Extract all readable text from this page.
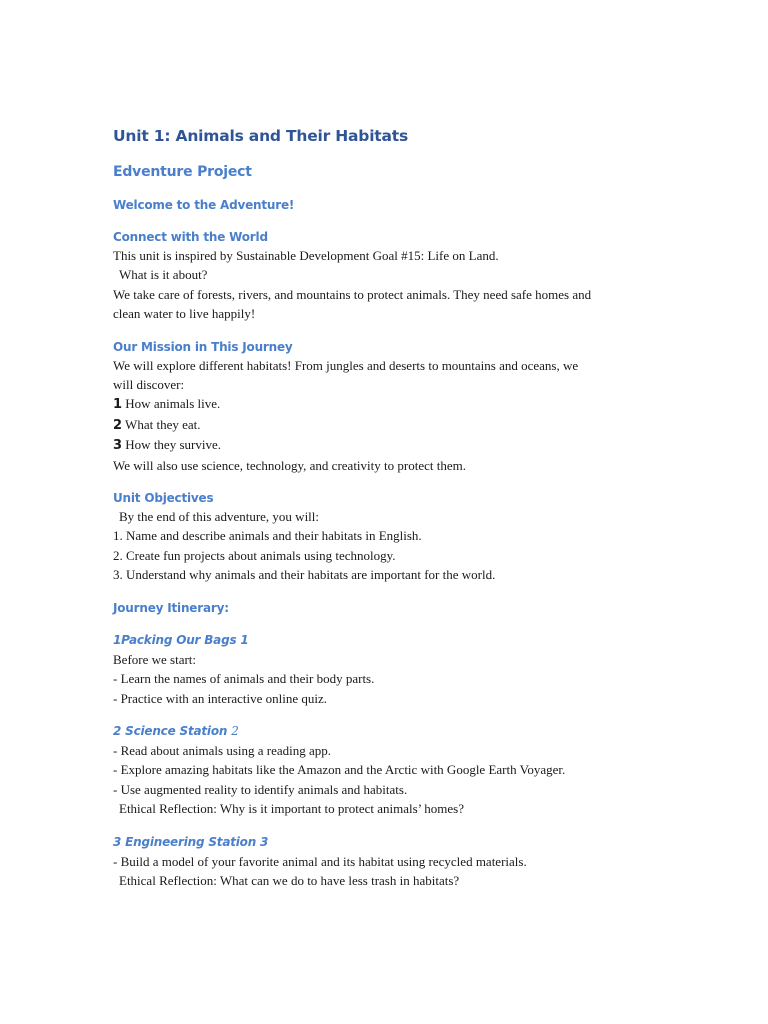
Unit 1: Animals and Their Habitats
Edventure Project
Welcome to the Adventure!
Connect with the World
This unit is inspired by Sustainable Development Goal #15: Life on Land.
What is it about?
We take care of forests, rivers, and mountains to protect animals. They need safe homes and
clean water to live happily!
Our Mission in This Journey
We will explore different habitats! From jungles and deserts to mountains and oceans, we
will discover:
1 How animals live.
2 What they eat.
3 How they survive.
We will also use science, technology, and creativity to protect them.
Unit Objectives
By the end of this adventure, you will:
1. Name and describe animals and their habitats in English.
2. Create fun projects about animals using technology.
3. Understand why animals and their habitats are important for the world.
Journey Itinerary:
1Packing Our Bags 1
Before we start:
- Learn the names of animals and their body parts.
- Practice with an interactive online quiz.
2 Science Station 2
- Read about animals using a reading app.
- Explore amazing habitats like the Amazon and the Arctic with Google Earth Voyager.
- Use augmented reality to identify animals and habitats.
Ethical Reflection: Why is it important to protect animals’ homes?
3 Engineering Station 3
- Build a model of your favorite animal and its habitat using recycled materials.
Ethical Reflection: What can we do to have less trash in habitats?
